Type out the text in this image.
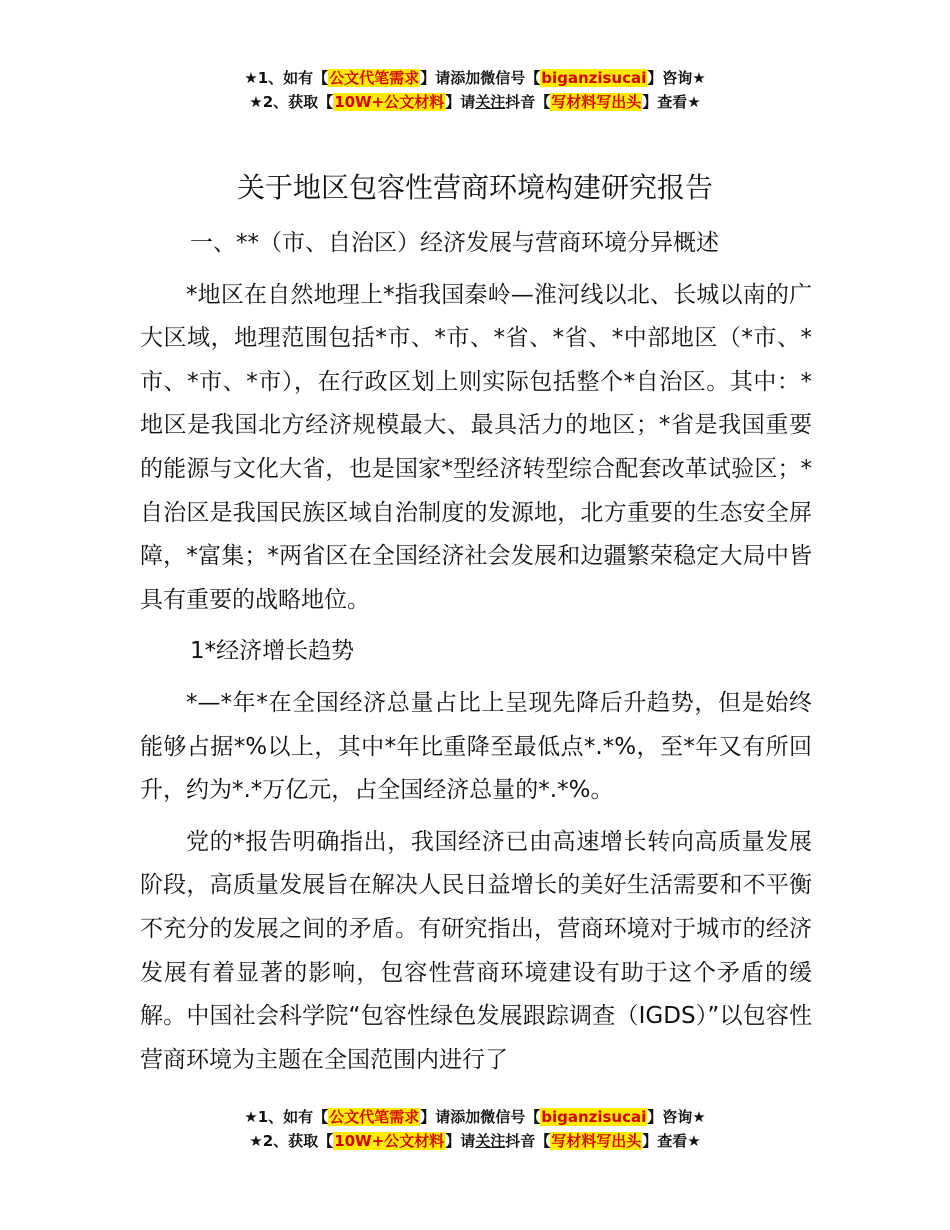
★1、如有【公文代笔需求】请添加微信号【biganzisucai】咨询★
★2、获取【10W+公文材料】请关注抖音【写材料写出头】查看★
关于地区包容性营商环境构建研究报告

一、**（市、自治区）经济发展与营商环境分异概述

*地区在自然地理上*指我国秦岭—淮河线以北、长城以南的广大区域，地理范围包括*市、*市、*省、*省、*中部地区（*市、*市、*市、*市），在行政区划上则实际包括整个*自治区。其中：*地区是我国北方经济规模最大、最具活力的地区；*省是我国重要的能源与文化大省，也是国家*型经济转型综合配套改革试验区；*自治区是我国民族区域自治制度的发源地，北方重要的生态安全屏障，*富集；*两省区在全国经济社会发展和边疆繁荣稳定大局中皆具有重要的战略地位。

1*经济增长趋势

*—*年*在全国经济总量占比上呈现先降后升趋势，但是始终能够占据*%以上，其中*年比重降至最低点*.*%，至*年又有所回升，约为*.*万亿元，占全国经济总量的*.*%。

党的*报告明确指出，我国经济已由高速增长转向高质量发展阶段，高质量发展旨在解决人民日益增长的美好生活需要和不平衡不充分的发展之间的矛盾。有研究指出，营商环境对于城市的经济发展有着显著的影响，包容性营商环境建设有助于这个矛盾的缓解。中国社会科学院“包容性绿色发展跟踪调查（IGDS）”以包容性营商环境为主题在全国范围内进行了

★1、如有【公文代笔需求】请添加微信号【biganzisucai】咨询★
★2、获取【10W+公文材料】请关注抖音【写材料写出头】查看★
